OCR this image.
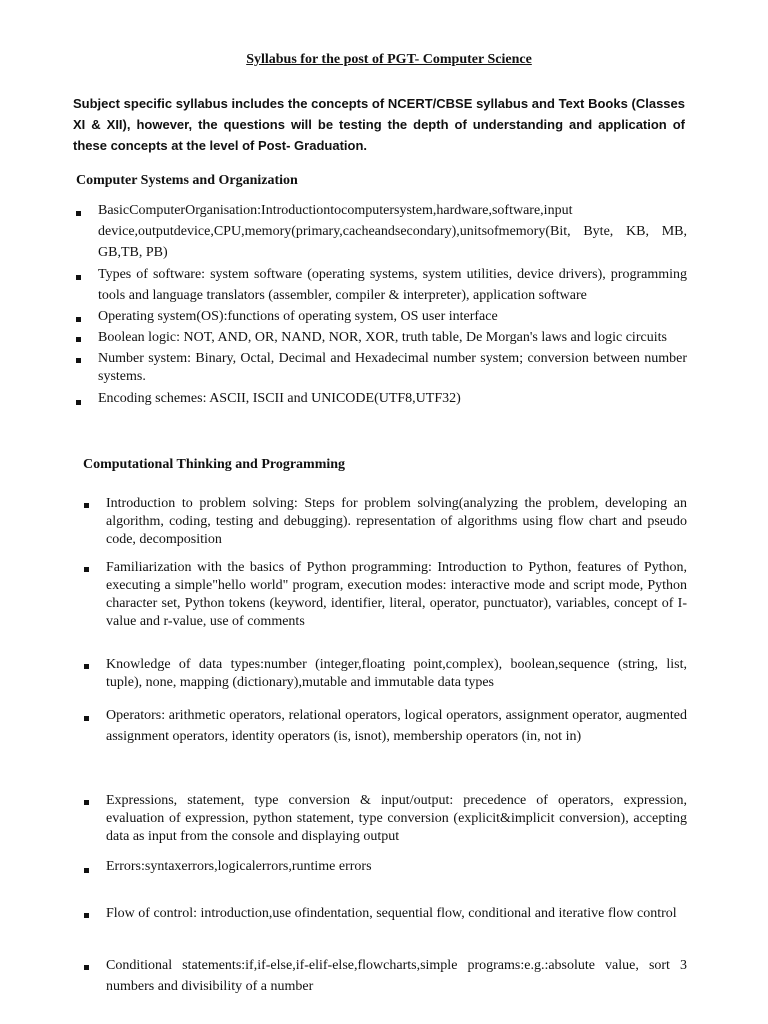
Syllabus for the post of PGT- Computer Science
Subject specific syllabus includes the concepts of NCERT/CBSE syllabus and Text Books (Classes XI & XII), however, the questions will be testing the depth of understanding and application of these concepts at the level of Post- Graduation.
Computer Systems and Organization
BasicComputerOrganisation:Introductiontocomputersystem,hardware,software,input device,outputdevice,CPU,memory(primary,cacheandsecondary),unitsofmemory(Bit, Byte, KB, MB, GB,TB, PB)
Types of software: system software (operating systems, system utilities, device drivers), programming tools and language translators (assembler, compiler & interpreter), application software
Operating system(OS):functions of operating system, OS user interface
Boolean logic: NOT, AND, OR, NAND, NOR, XOR, truth table, De Morgan's laws and logic circuits
Number system: Binary, Octal, Decimal and Hexadecimal number system; conversion between number systems.
Encoding schemes: ASCII, ISCII and UNICODE(UTF8,UTF32)
Computational Thinking and Programming
Introduction to problem solving: Steps for problem solving(analyzing the problem, developing an algorithm, coding, testing and debugging). representation of algorithms using flow chart and pseudo code, decomposition
Familiarization with the basics of Python programming: Introduction to Python, features of Python, executing a simple"hello world" program, execution modes: interactive mode and script mode, Python character set, Python tokens (keyword, identifier, literal, operator, punctuator), variables, concept of I-value and r-value, use of comments
Knowledge of data types:number (integer,floating point,complex), boolean,sequence (string, list, tuple), none, mapping (dictionary),mutable and immutable data types
Operators: arithmetic operators, relational operators, logical operators, assignment operator, augmented assignment operators, identity operators (is, isnot), membership operators (in, not in)
Expressions, statement, type conversion & input/output: precedence of operators, expression, evaluation of expression, python statement, type conversion (explicit&implicit conversion), accepting data as input from the console and displaying output
Errors:syntaxerrors,logicalerrors,runtime errors
Flow of control: introduction,use ofindentation, sequential flow, conditional and iterative flow control
Conditional statements:if,if-else,if-elif-else,flowcharts,simple programs:e.g.:absolute value, sort 3 numbers and divisibility of a number
